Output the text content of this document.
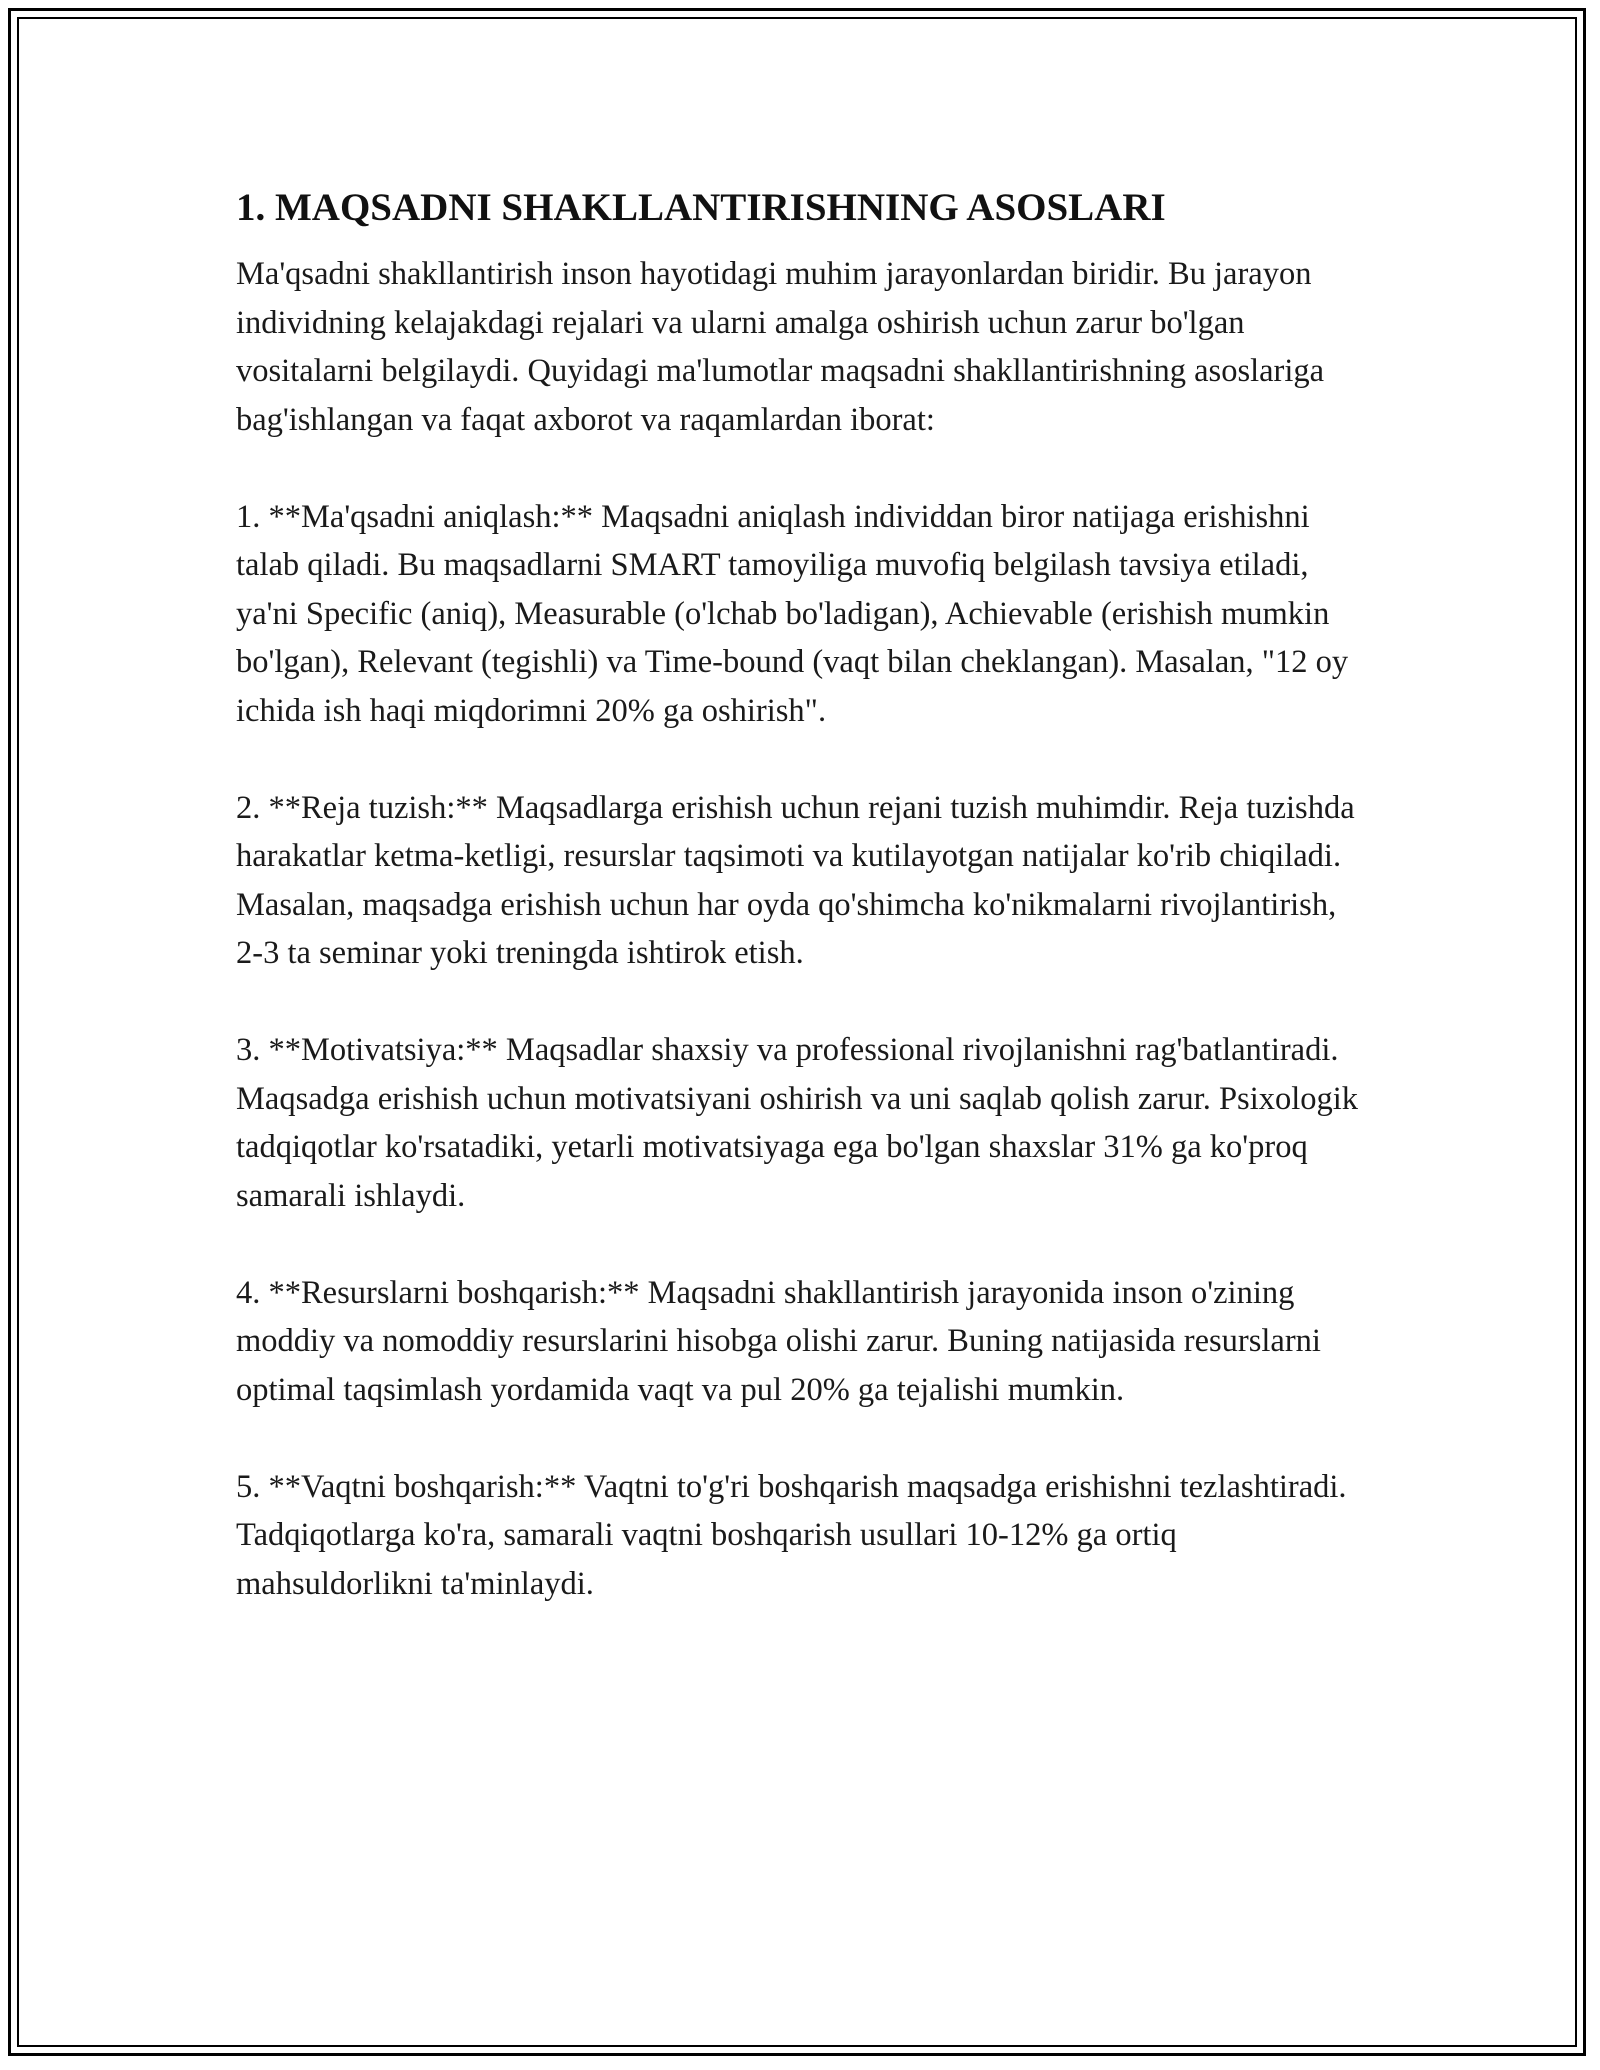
1. MAQSADNI SHAKLLANTIRISHNING ASOSLARI

Ma'qsadni shakllantirish inson hayotidagi muhim jarayonlardan biridir. Bu jarayon individning kelajakdagi rejalari va ularni amalga oshirish uchun zarur bo'lgan vositalarni belgilaydi. Quyidagi ma'lumotlar maqsadni shakllantirishning asoslariga bag'ishlangan va faqat axborot va raqamlardan iborat:

1. **Ma'qsadni aniqlash:** Maqsadni aniqlash individdan biror natijaga erishishni talab qiladi. Bu maqsadlarni SMART tamoyiliga muvofiq belgilash tavsiya etiladi, ya'ni Specific (aniq), Measurable (o'lchab bo'ladigan), Achievable (erishish mumkin bo'lgan), Relevant (tegishli) va Time-bound (vaqt bilan cheklangan). Masalan, "12 oy ichida ish haqi miqdorimni 20% ga oshirish".

2. **Reja tuzish:** Maqsadlarga erishish uchun rejani tuzish muhimdir. Reja tuzishda harakatlar ketma-ketligi, resurslar taqsimoti va kutilayotgan natijalar ko'rib chiqiladi. Masalan, maqsadga erishish uchun har oyda qo'shimcha ko'nikmalarni rivojlantirish, 2-3 ta seminar yoki treningda ishtirok etish.

3. **Motivatsiya:** Maqsadlar shaxsiy va professional rivojlanishni rag'batlantiradi. Maqsadga erishish uchun motivatsiyani oshirish va uni saqlab qolish zarur. Psixologik tadqiqotlar ko'rsatadiki, yetarli motivatsiyaga ega bo'lgan shaxslar 31% ga ko'proq samarali ishlaydi.

4. **Resurslarni boshqarish:** Maqsadni shakllantirish jarayonida inson o'zining moddiy va nomoddiy resurslarini hisobga olishi zarur. Buning natijasida resurslarni optimal taqsimlash yordamida vaqt va pul 20% ga tejalishi mumkin.

5. **Vaqtni boshqarish:** Vaqtni to'g'ri boshqarish maqsadga erishishni tezlashtiradi. Tadqiqotlarga ko'ra, samarali vaqtni boshqarish usullari 10-12% ga ortiq mahsuldorlikni ta'minlaydi.
